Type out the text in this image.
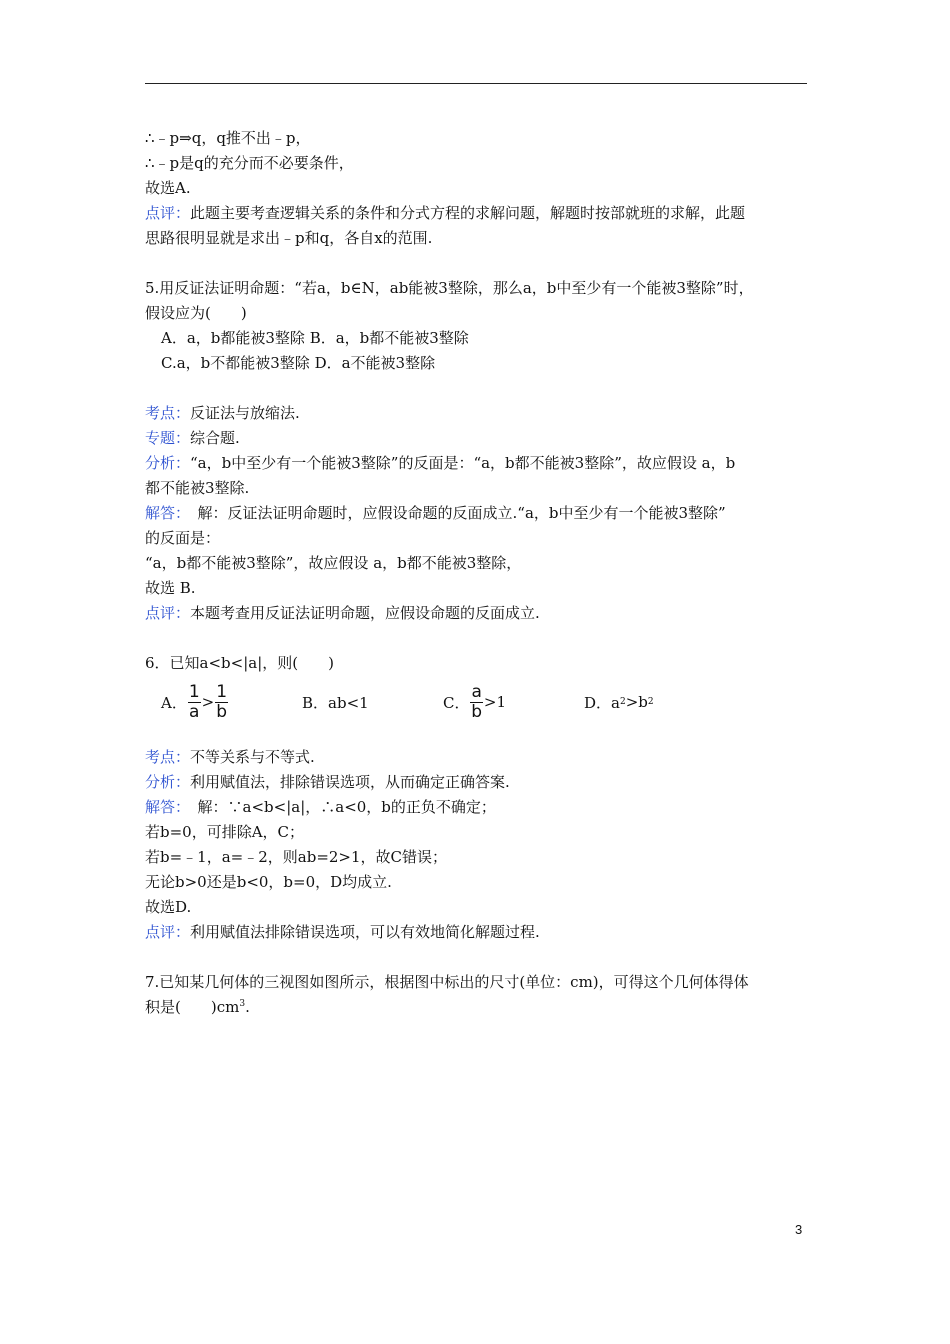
∴﹣p⇒q，q推不出﹣p，
∴﹣p是q的充分而不必要条件，
故选A.
点评：此题主要考查逻辑关系的条件和分式方程的求解问题，解题时按部就班的求解，此题
思路很明显就是求出﹣p和q，各自x的范围.
5.用反证法证明命题：“若a，b∈N，ab能被3整除，那么a，b中至少有一个能被3整除”时，
假设应为(　　)
A．a，b都能被3整除 B．a，b都不能被3整除
C.a，b不都能被3整除 D．a不能被3整除
考点：反证法与放缩法.
专题：综合题.
分析：“a，b中至少有一个能被3整除”的反面是：“a，b都不能被3整除”，故应假设 a，b
都不能被3整除.
解答：　解：反证法证明命题时，应假设命题的反面成立.“a，b中至少有一个能被3整除”
的反面是：
“a，b都不能被3整除”，故应假设 a，b都不能被3整除，
故选 B.
点评：本题考查用反证法证明命题，应假设命题的反面成立.
6．已知a<b<|a|，则(　　)
A． $\frac{1}{a} > \frac{1}{b}$	B．ab<1	C． $\frac{a}{b} >1$	D．a 2 >b 2
考点：不等关系与不等式.
分析：利用赋值法，排除错误选项，从而确定正确答案.
解答：　解：∵a<b<|a|，∴a<0，b的正负不确定；
若b=0，可排除A，C；
若b=﹣1，a=﹣2，则ab=2>1，故C错误；
无论b>0还是b<0，b=0，D均成立.
故选D.
点评：利用赋值法排除错误选项，可以有效地简化解题过程.
7.已知某几何体的三视图如图所示，根据图中标出的尺寸(单位：cm)，可得这个几何体得体
积是(　　)$cm^3$.
3
